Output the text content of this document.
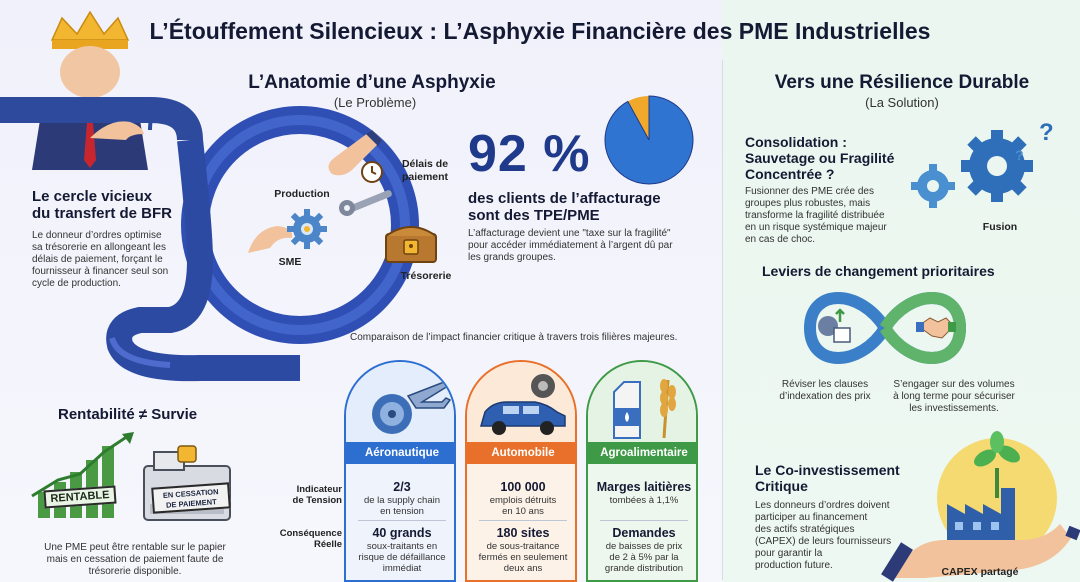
L’Étouffement Silencieux : L’Asphyxie Financière des PME Industrielles
Production
SME
Délais de
paiement
Trésorerie
L’Anatomie d’une Asphyxie
(Le Problème)
Le cercle vicieux
du transfert de BFR
Le donneur d’ordres optimise
sa trésorerie en allongeant les
délais de paiement, forçant le
fournisseur à financer seul son
cycle de production.
92 %
des clients de l’affacturage
sont des TPE/PME
L’affacturage devient une "taxe sur la fragilité"
pour accéder immédiatement à l’argent dû par
les grands groupes.
Comparaison de l’impact financier critique à travers trois filières majeures.
Rentabilité ≠ Survie
RENTABLE	EN CESSATION
DE PAIEMENT
Une PME peut être rentable sur le papier
mais en cessation de paiement faute de
trésorerie disponible.
Indicateur
de Tension
Conséquence
Réelle
Aéronautique
2/3
de la supply chain
en tension
40 grands
soux-traitants en
risque de défaillance
immédiat
Automobile
100 000
emplois détruits
en 10 ans
180 sites
de sous-traitance
fermés en seulement
deux ans
Agroalimentaire
Marges laitières
tombées à 1,1%
Demandes
de baisses de prix
de 2 à 5% par la
grande distribution
Vers une Résilience Durable
(La Solution)
Consolidation :
Sauvetage ou Fragilité
Concentrée ?
Fusionner des PME crée des
groupes plus robustes, mais
transforme la fragilité distribuée
en un risque systémique majeur
en cas de choc.
?
?
Fusion
Leviers de changement prioritaires
Réviser les clauses
d’indexation des prix
S’engager sur des volumes
à long terme pour sécuriser
les investissements.
Le Co-investissement
Critique
Les donneurs d’ordres doivent
participer au financement
des actifs stratégiques
(CAPEX) de leurs fournisseurs
pour garantir la
production future.
CAPEX partagé
